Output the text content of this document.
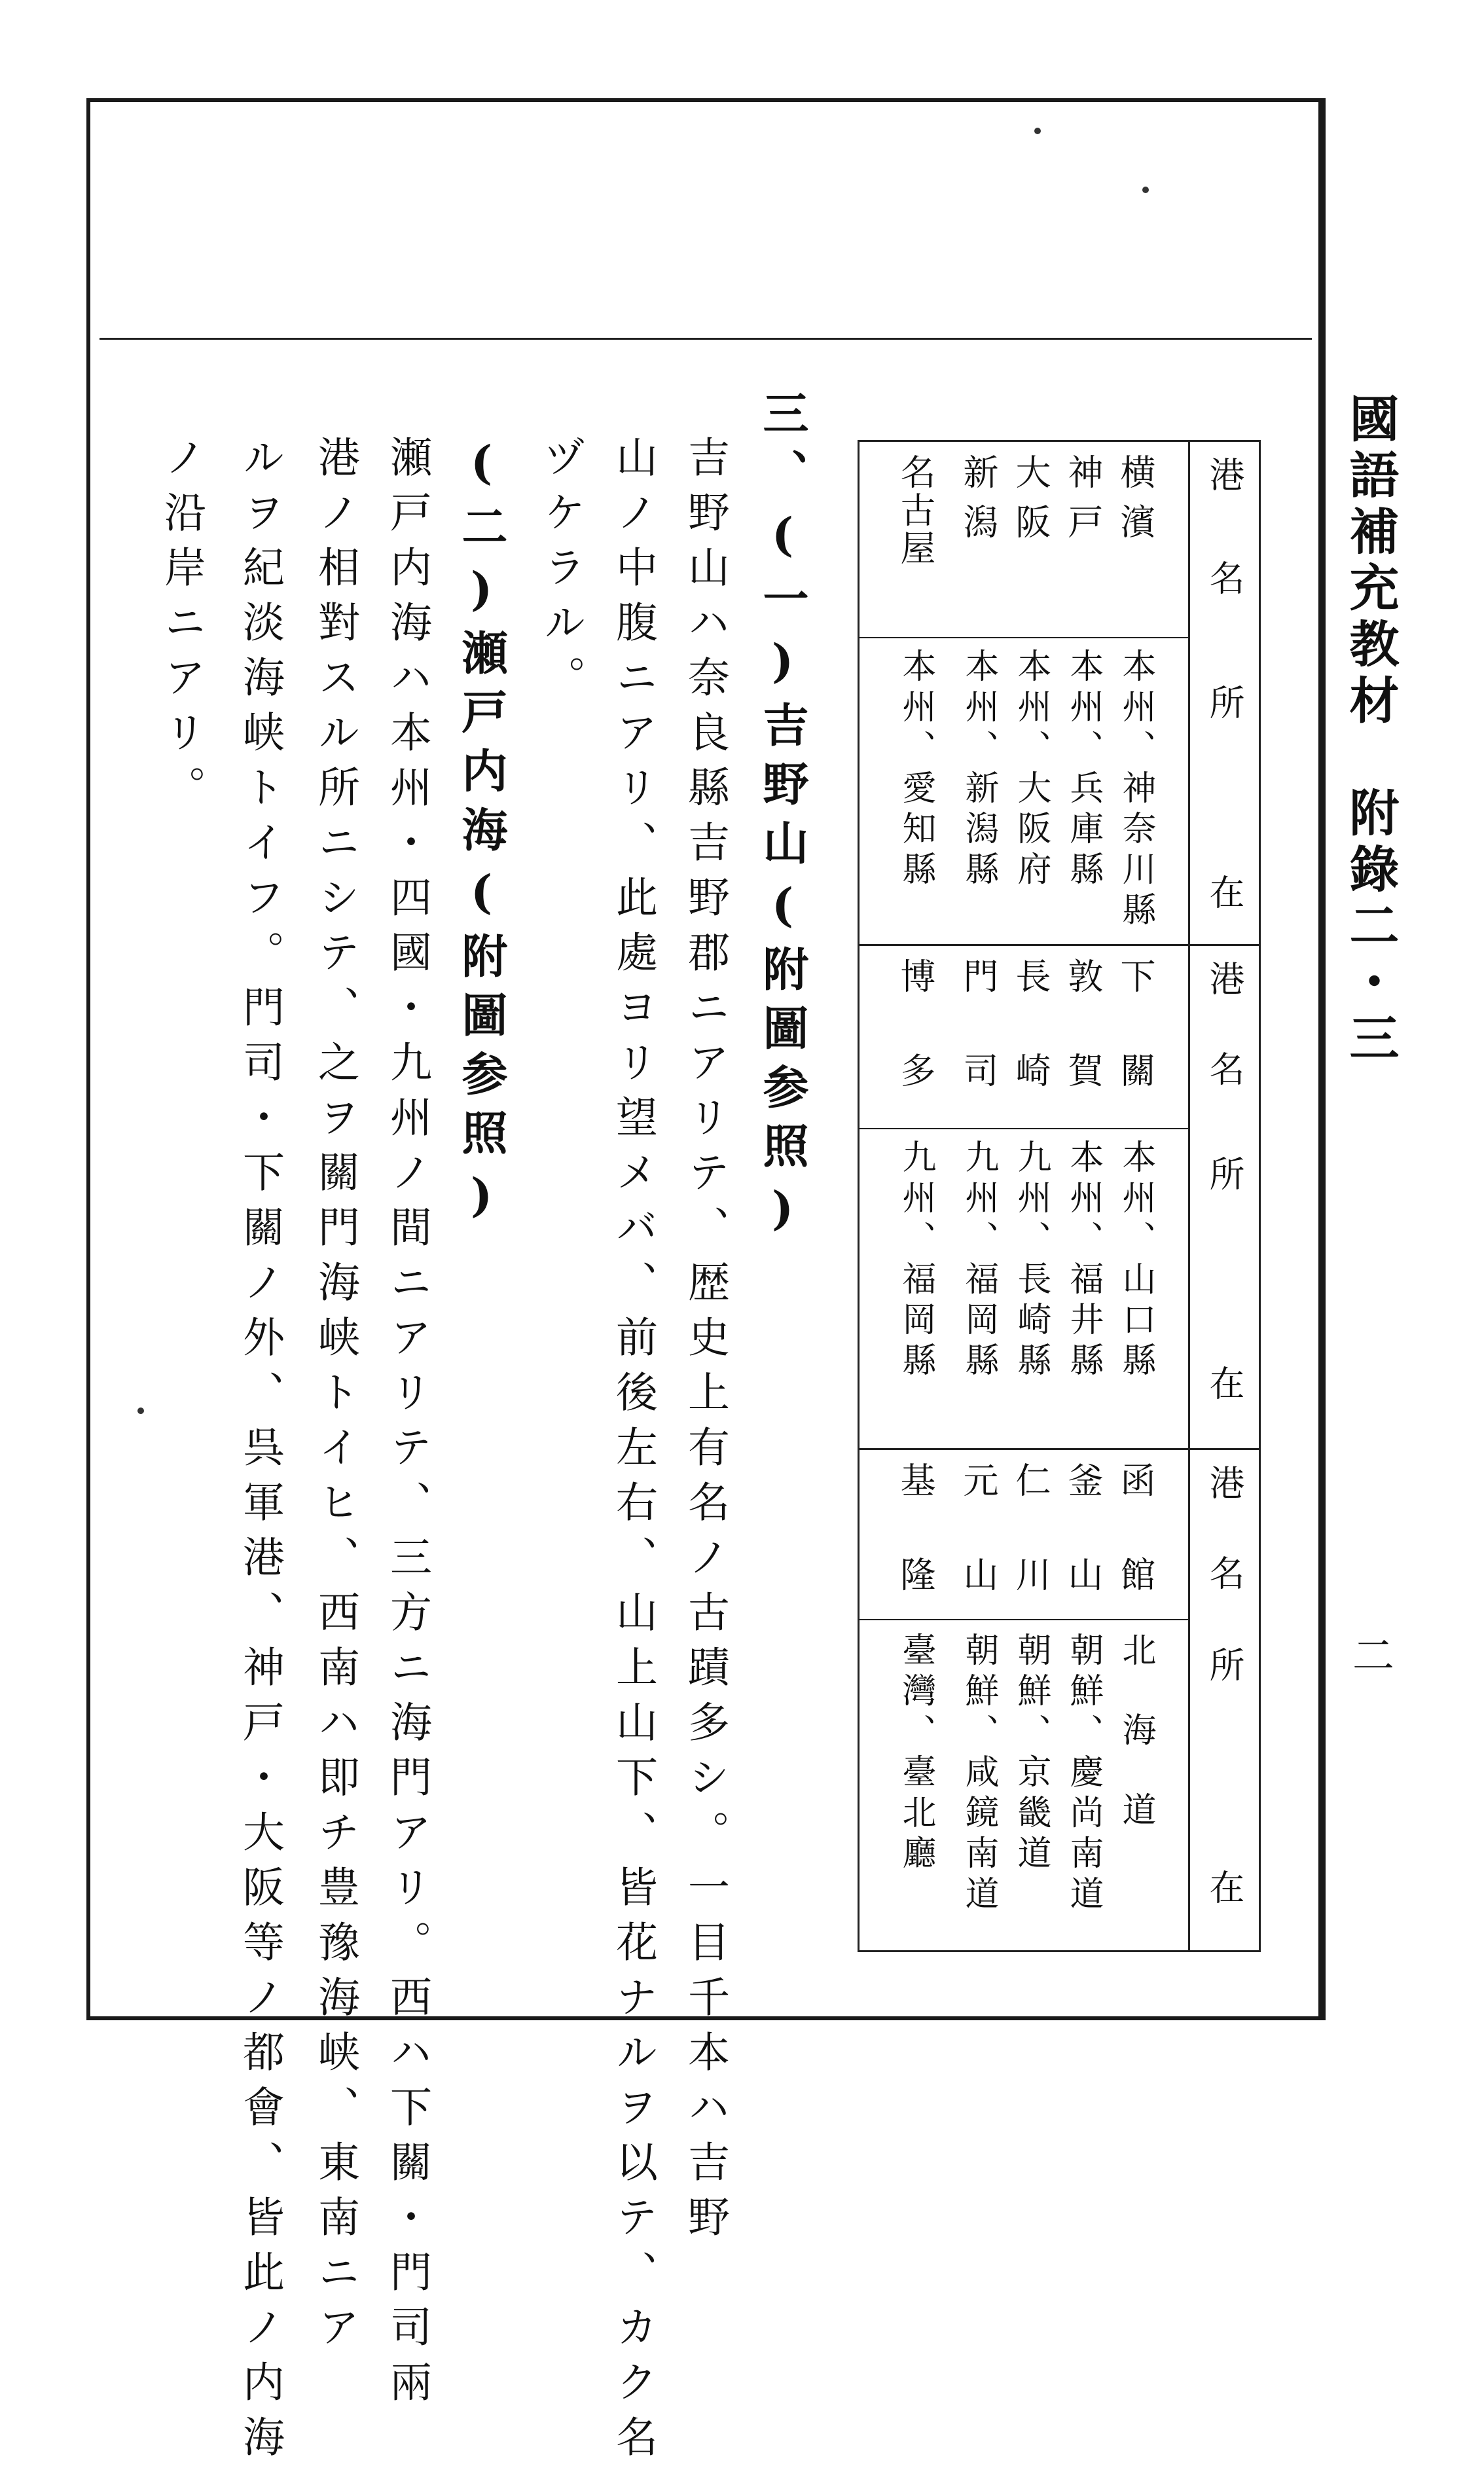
國語補充教材　附錄二・三
二
港
名
所
在
横濱
神戸
大阪
新潟
名古屋
本州、神奈川縣
本州、兵庫縣
本州、大阪府
本州、新潟縣
本州、愛知縣
港
名
所
在
下關
敦賀
長崎
門司
博多
本州、山口縣
本州、福井縣
九州、長崎縣
九州、福岡縣
九州、福岡縣
港
名
所
在
函館
釜山
仁川
元山
基隆
北海道
朝鮮、慶尚南道
朝鮮、京畿道
朝鮮、咸鏡南道
臺灣、臺北廳
三、(一)吉野山(附圖参照)
吉野山ハ奈良縣吉野郡ニアリテ、歴史上有名ノ古蹟多シ。一目千本ハ吉野
山ノ中腹ニアリ、此處ヨリ望メバ、前後左右、山上山下、皆花ナルヲ以テ、カク名
ヅケラル。
(二)瀬戸内海(附圖参照)
瀬戸内海ハ本州・四國・九州ノ間ニアリテ、三方ニ海門アリ。西ハ下關・門司兩
港ノ相對スル所ニシテ、之ヲ關門海峡トイヒ、西南ハ即チ豊豫海峡、東南ニア
ルヲ紀淡海峡トイフ。門司・下關ノ外、呉軍港、神戸・大阪等ノ都會、皆此ノ内海
ノ沿岸ニアリ。
